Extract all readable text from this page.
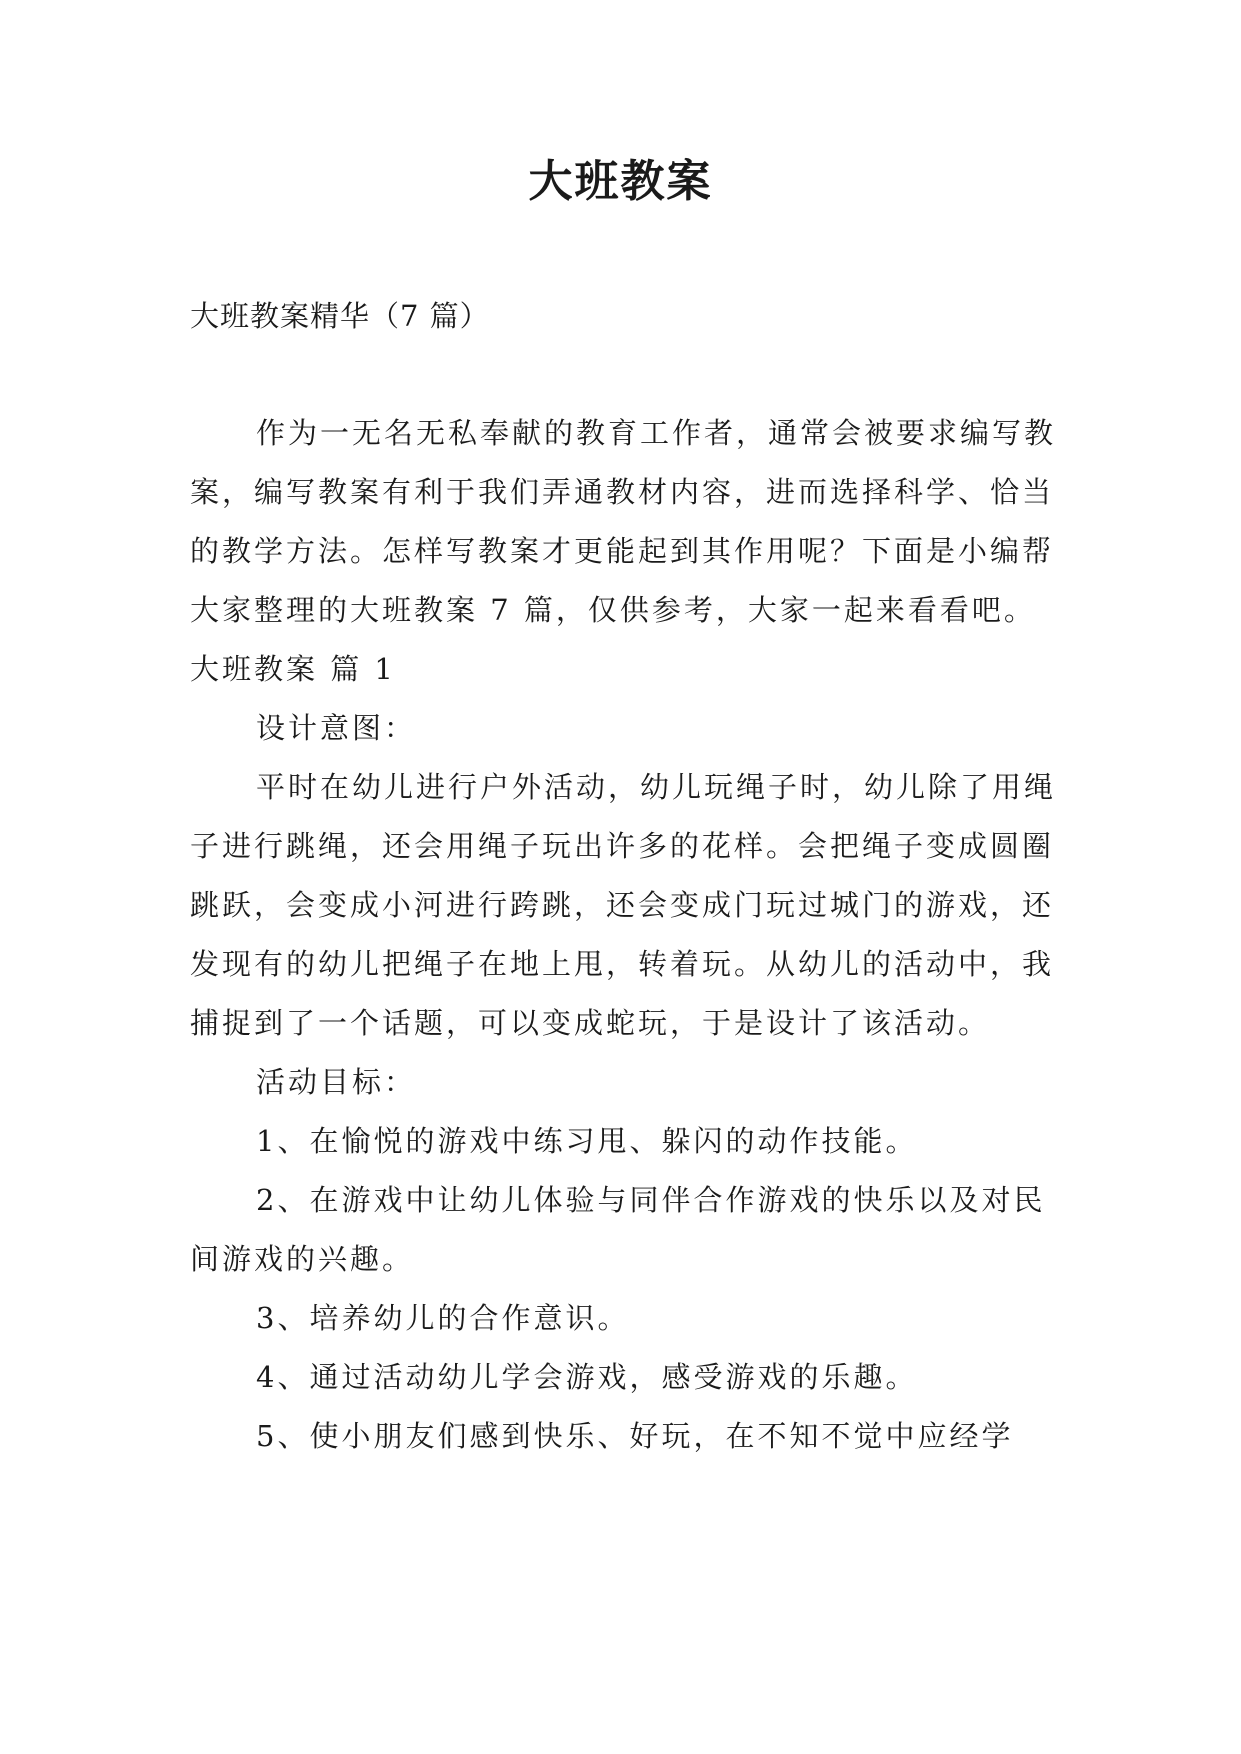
大班教案

大班教案精华（7 篇）

作为一无名无私奉献的教育工作者，通常会被要求编写教案，编写教案有利于我们弄通教材内容，进而选择科学、恰当的教学方法。怎样写教案才更能起到其作用呢？下面是小编帮大家整理的大班教案 7 篇，仅供参考，大家一起来看看吧。

大班教案 篇 1

设计意图：

平时在幼儿进行户外活动，幼儿玩绳子时，幼儿除了用绳子进行跳绳，还会用绳子玩出许多的花样。会把绳子变成圆圈跳跃，会变成小河进行跨跳，还会变成门玩过城门的游戏，还发现有的幼儿把绳子在地上甩，转着玩。从幼儿的活动中，我捕捉到了一个话题，可以变成蛇玩，于是设计了该活动。

活动目标：

1、在愉悦的游戏中练习甩、躲闪的动作技能。

2、在游戏中让幼儿体验与同伴合作游戏的快乐以及对民间游戏的兴趣。

3、培养幼儿的合作意识。

4、通过活动幼儿学会游戏，感受游戏的乐趣。

5、使小朋友们感到快乐、好玩，在不知不觉中应经学
